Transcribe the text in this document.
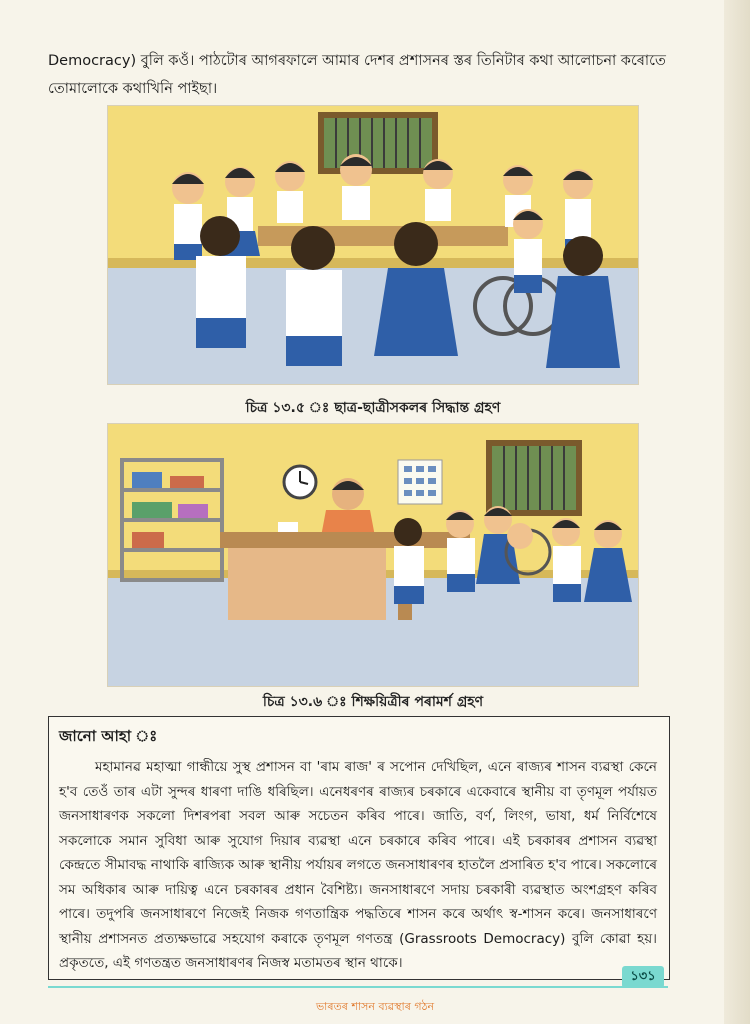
Democracy) বুলি কওঁ। পাঠটোৰ আগৰফালে আমাৰ দেশৰ প্ৰশাসনৰ স্তৰ তিনিটাৰ কথা আলোচনা কৰোতে তোমালোকে কথাখিনি পাইছা।

চিত্ৰ ১৩.৫ ঃ ছাত্ৰ-ছাত্ৰীসকলৰ সিদ্ধান্ত গ্ৰহণ
চিত্ৰ ১৩.৬ ঃ শিক্ষয়িত্ৰীৰ পৰামৰ্শ গ্ৰহণ
জানো আহা ঃ
মহামানৱ মহাত্মা গান্ধীয়ে সুস্থ প্ৰশাসন বা 'ৰাম ৰাজ' ৰ সপোন দেখিছিল, এনে ৰাজ্যৰ শাসন ব্যৱস্থা কেনে হ'ব তেওঁ তাৰ এটা সুন্দৰ ধাৰণা দাঙি ধৰিছিল। এনেধৰণৰ ৰাজ্যৰ চৰকাৰে একেবাৰে স্থানীয় বা তৃণমূল পৰ্যায়ত জনসাধাৰণক সকলো দিশৰপৰা সবল আৰু সচেতন কৰিব পাৰে। জাতি, বৰ্ণ, লিংগ, ভাষা, ধৰ্ম নিৰ্বিশেষে সকলোকে সমান সুবিধা আৰু সুযোগ দিয়াৰ ব্যৱস্থা এনে চৰকাৰে কৰিব পাৰে। এই চৰকাৰৰ প্ৰশাসন ব্যৱস্থা কেন্দ্ৰতে সীমাবদ্ধ নাথাকি ৰাজ্যিক আৰু স্থানীয় পৰ্যায়ৰ লগতে জনসাধাৰণৰ হাতলৈ প্ৰসাৰিত হ'ব পাৰে। সকলোৰে সম অধিকাৰ আৰু দায়িত্ব এনে চৰকাৰৰ প্ৰধান বৈশিষ্ট্য। জনসাধাৰণে সদায় চৰকাৰী ব্যৱস্থাত অংশগ্ৰহণ কৰিব পাৰে। তদুপৰি জনসাধাৰণে নিজেই নিজক গণতান্ত্ৰিক পদ্ধতিৰে শাসন কৰে অৰ্থাৎ স্ব-শাসন কৰে। জনসাধাৰণে স্থানীয় প্ৰশাসনত প্ৰত্যক্ষভাৱে সহযোগ কৰাকে তৃণমূল গণতন্ত্ৰ (Grassroots Democracy) বুলি কোৱা হয়। প্ৰকৃততে, এই গণতন্ত্ৰত জনসাধাৰণৰ নিজস্ব মতামতৰ স্থান থাকে।
১৩১
ভাৰতৰ শাসন ব্যৱস্থাৰ গঠন
